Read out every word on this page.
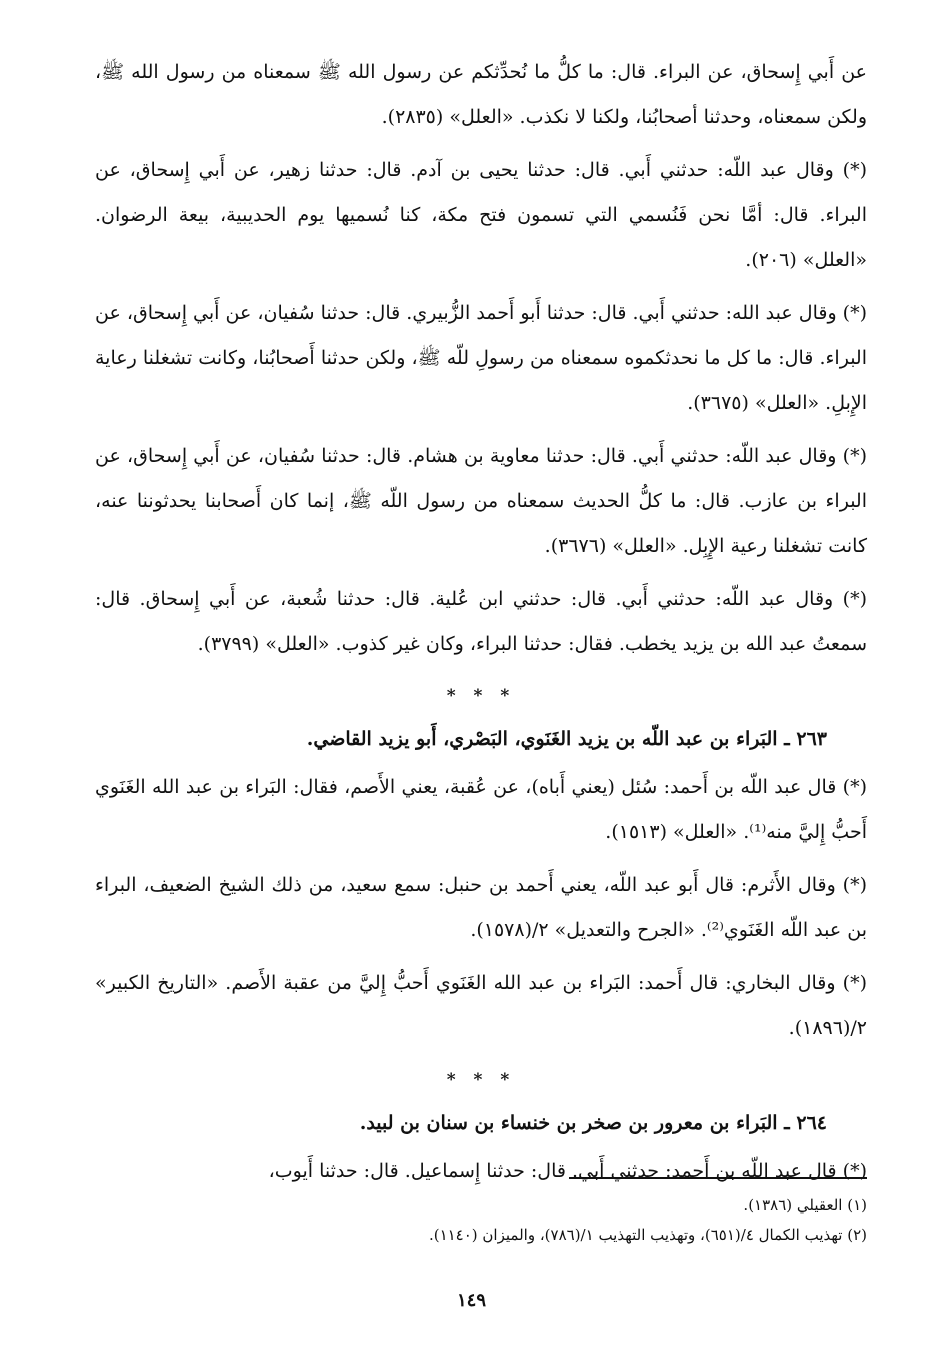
عن أَبي إِسحاق، عن البراء. قال: ما كلُّ ما نُحدِّثكم عن رسول الله ﷺ سمعناه من رسول الله ﷺ، ولكن سمعناه، وحدثنا أصحابُنا، ولكنا لا نكذب. «العلل» (٢٨٣٥).

(*) وقال عبد اللّه: حدثني أَبي. قال: حدثنا يحيى بن آدم. قال: حدثنا زهير، عن أَبي إِسحاق، عن البراء. قال: أمَّا نحن فَنُسمي التي تسمون فتح مكة، كنا نُسميها يوم الحديبية، بيعة الرضوان. «العلل» (٢٠٦).

(*) وقال عبد الله: حدثني أَبي. قال: حدثنا أَبو أَحمد الزُّبيري. قال: حدثنا سُفيان، عن أَبي إِسحاق، عن البراء. قال: ما كل ما نحدثكموه سمعناه من رسولِ للّه ﷺ، ولكن حدثنا أَصحابُنا، وكانت تشغلنا رعاية الإِبلِ. «العلل» (٣٦٧٥).

(*) وقال عبد اللّه: حدثني أَبي. قال: حدثنا معاوية بن هشام. قال: حدثنا سُفيان، عن أَبي إِسحاق، عن البراء بن عازب. قال: ما كلُّ الحديث سمعناه من رسول اللّه ﷺ، إنما كان أَصحابنا يحدثوننا عنه، كانت تشغلنا رعية الإِبِل. «العلل» (٣٦٧٦).

(*) وقال عبد اللّه: حدثني أَبي. قال: حدثني ابن عُلية. قال: حدثنا شُعبة، عن أَبي إِسحاق. قال: سمعتُ عبد الله بن يزيد يخطب. فقال: حدثنا البراء، وكان غير كذوب. «العلل» (٣٧٩٩).

* * *
٢٦٣ ـ البَراء بن عبد اللّه بن يزيد الغَنَوي، البَصْري، أَبو يزيد القاضي.

(*) قال عبد اللّه بن أَحمد: سُئل (يعني أَباه)، عن عُقبة، يعني الأَصم، فقال: البَراء بن عبد الله الغَنَوي أَحبُّ إِليَّ منه⁽¹⁾. «العلل» (١٥١٣).

(*) وقال الأَثرم: قال أَبو عبد اللّه، يعني أَحمد بن حنبل: سمع سعيد، من ذلك الشيخ الضعيف، البراء بن عبد اللّه الغَنَوي⁽²⁾. «الجرح والتعديل» ٢/(١٥٧٨).

(*) وقال البخاري: قال أَحمد: البَراء بن عبد الله الغَنَوي أَحبُّ إِليَّ من عقبة الأَصم. «التاريخ الكبير» ٢/(١٨٩٦).

* * *
٢٦٤ ـ البَراء بن معرور بن صخر بن خنساء بن سنان بن لبيد.

(*) قال عبد اللّه بن أَحمد: حدثني أَبي. قال: حدثنا إِسماعيل. قال: حدثنا أَيوب،

(١) العقيلي (١٣٨٦).

(٢) تهذيب الكمال ٤/(٦٥١)، وتهذيب التهذيب ١/(٧٨٦)، والميزان (١١٤٠).

١٤٩
